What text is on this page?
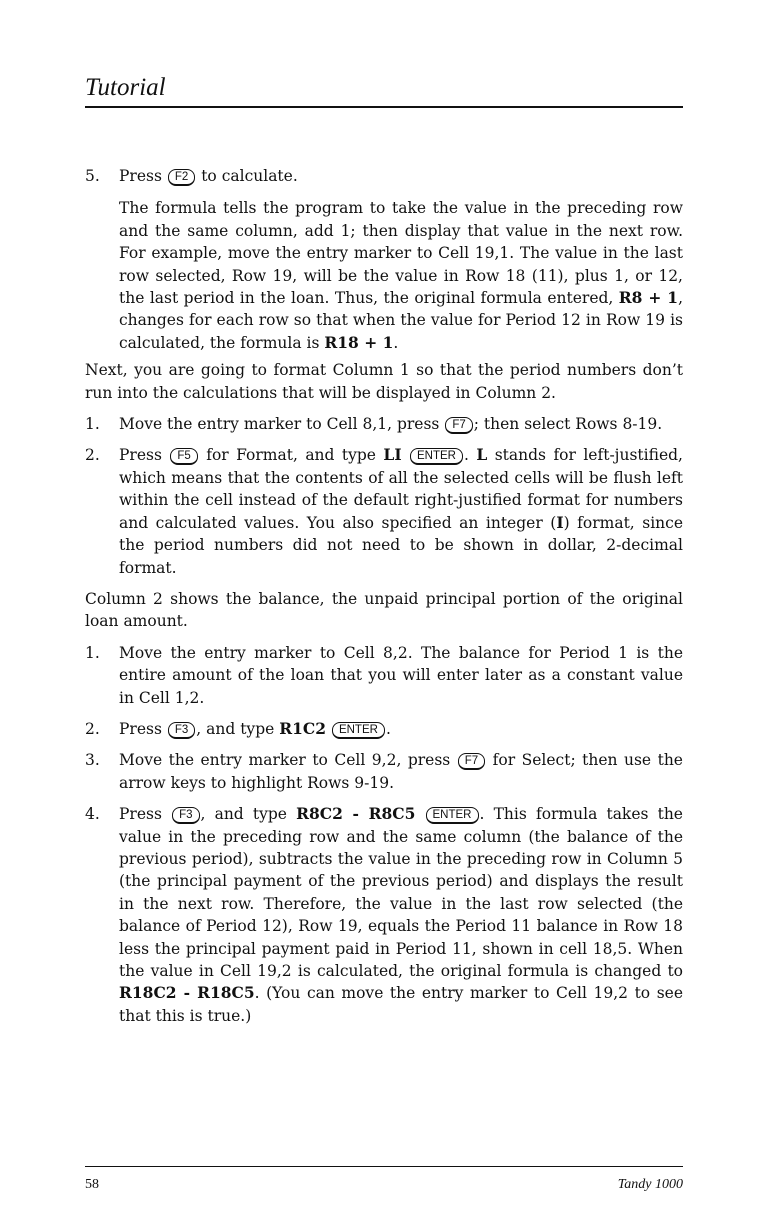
Tutorial
5.	Press F2 to calculate.
The formula tells the program to take the value in the preceding row and the same column, add 1; then display that value in the next row. For example, move the entry marker to Cell 19,1. The value in the last row selected, Row 19, will be the value in Row 18 (11), plus 1, or 12, the last period in the loan. Thus, the original formula entered, R8 + 1, changes for each row so that when the value for Period 12 in Row 19 is calculated, the formula is R18 + 1.
Next, you are going to format Column 1 so that the period numbers don’t run into the calculations that will be displayed in Column 2.
1.	Move the entry marker to Cell 8,1, press F7 ; then select Rows 8-19.
2.	Press F5 for Format, and type LI ENTER . L stands for left-justified, which means that the contents of all the selected cells will be flush left within the cell instead of the default right-justified format for numbers and calculated values. You also specified an integer (I) format, since the period numbers did not need to be shown in dollar, 2-decimal format.
Column 2 shows the balance, the unpaid principal portion of the original loan amount.
1.	Move the entry marker to Cell 8,2. The balance for Period 1 is the entire amount of the loan that you will enter later as a constant value in Cell 1,2.
2.	Press F3 , and type R1C2 ENTER .
3.	Move the entry marker to Cell 9,2, press F7 for Select; then use the arrow keys to highlight Rows 9-19.
4.	Press F3 , and type R8C2 - R8C5 ENTER . This formula takes the value in the preceding row and the same column (the balance of the previous period), subtracts the value in the preceding row in Column 5 (the principal payment of the previous period) and displays the result in the next row. Therefore, the value in the last row selected (the balance of Period 12), Row 19, equals the Period 11 balance in Row 18 less the principal payment paid in Period 11, shown in cell 18,5. When the value in Cell 19,2 is calculated, the original formula is changed to R18C2 - R18C5. (You can move the entry marker to Cell 19,2 to see that this is true.)
58	Tandy 1000
